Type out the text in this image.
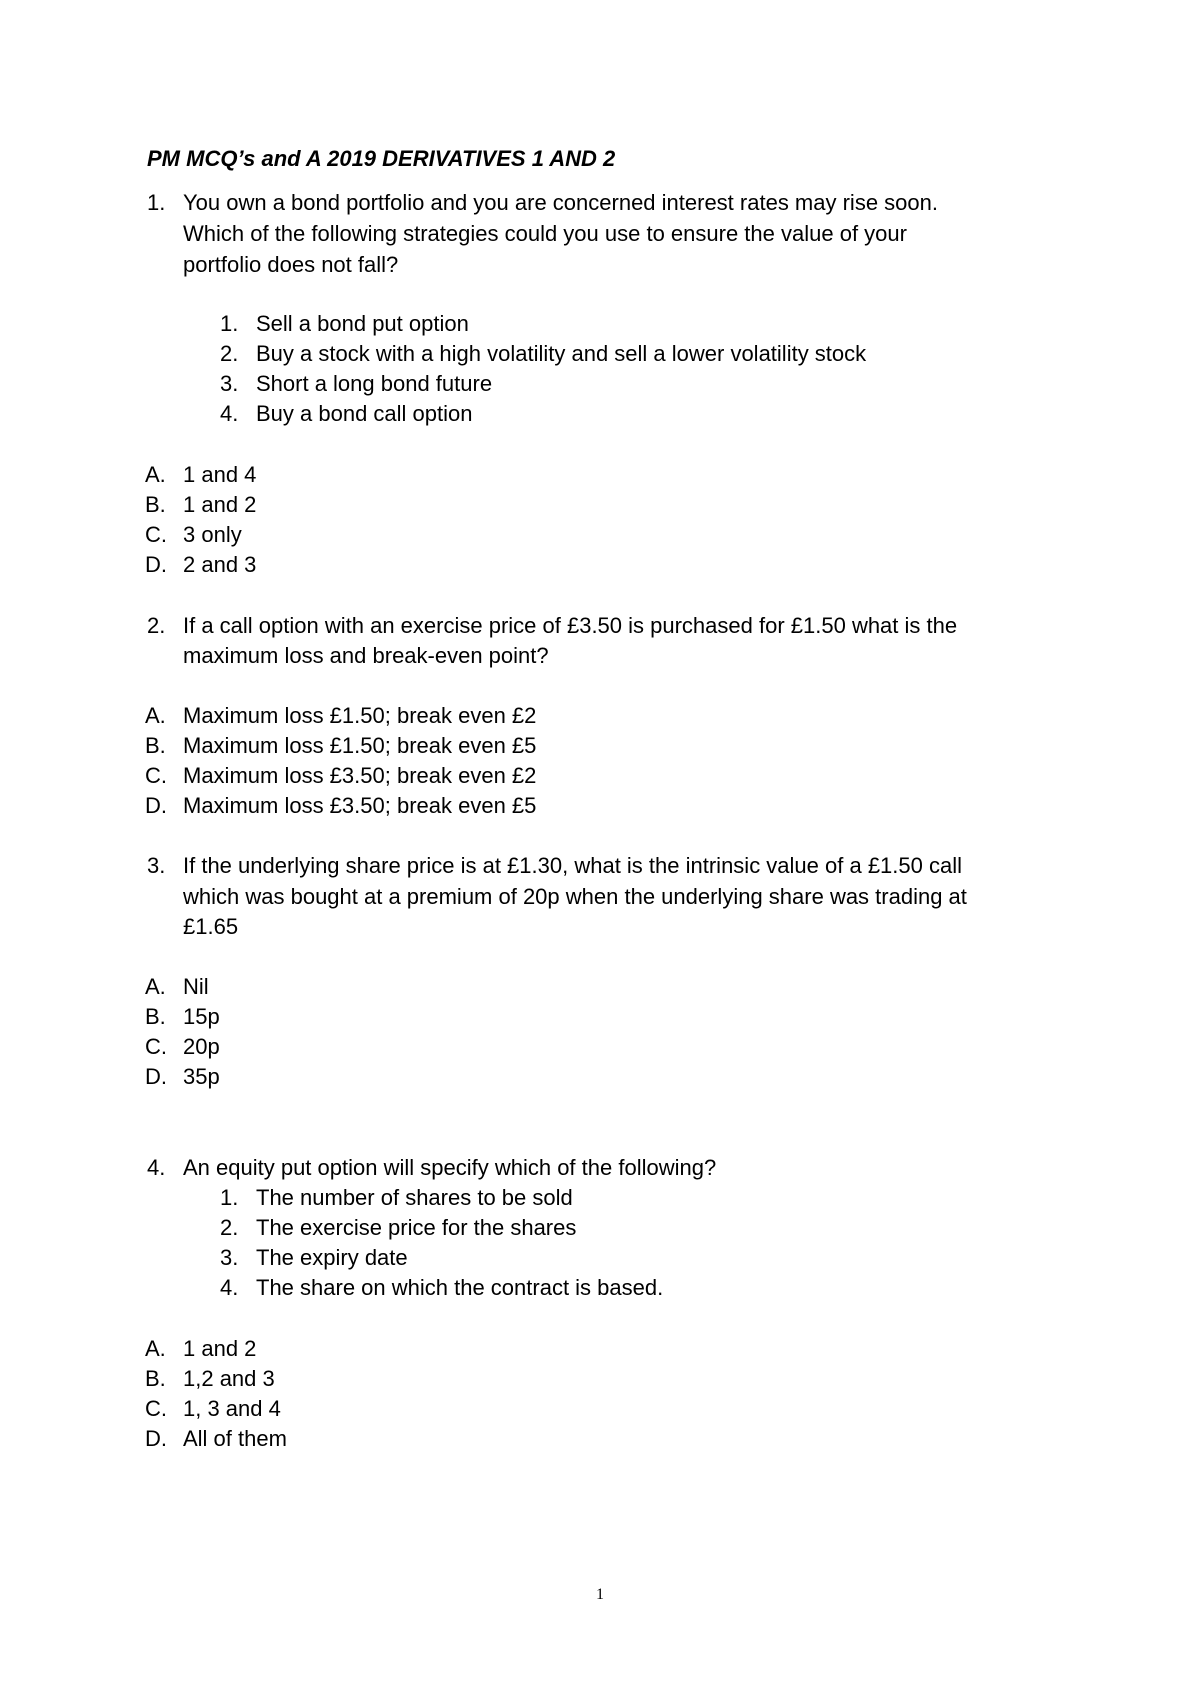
PM MCQ’s and A 2019 DERIVATIVES 1 AND 2
1. You own a bond portfolio and you are concerned interest rates may rise soon.
Which of the following strategies could you use to ensure the value of your
portfolio does not fall?
1. Sell a bond put option
2. Buy a stock with a high volatility and sell a lower volatility stock
3. Short a long bond future
4. Buy a bond call option
A. 1 and 4
B. 1 and 2
C. 3 only
D. 2 and 3
2. If a call option with an exercise price of £3.50 is purchased for £1.50 what is the
maximum loss and break-even point?
A. Maximum loss £1.50; break even £2
B. Maximum loss £1.50; break even £5
C. Maximum loss £3.50; break even £2
D. Maximum loss £3.50; break even £5
3. If the underlying share price is at £1.30, what is the intrinsic value of a £1.50 call
which was bought at a premium of 20p when the underlying share was trading at
£1.65
A. Nil
B. 15p
C. 20p
D. 35p
4. An equity put option will specify which of the following?
1. The number of shares to be sold
2. The exercise price for the shares
3. The expiry date
4. The share on which the contract is based.
A. 1 and 2
B. 1,2 and 3
C. 1, 3 and 4
D. All of them
1
